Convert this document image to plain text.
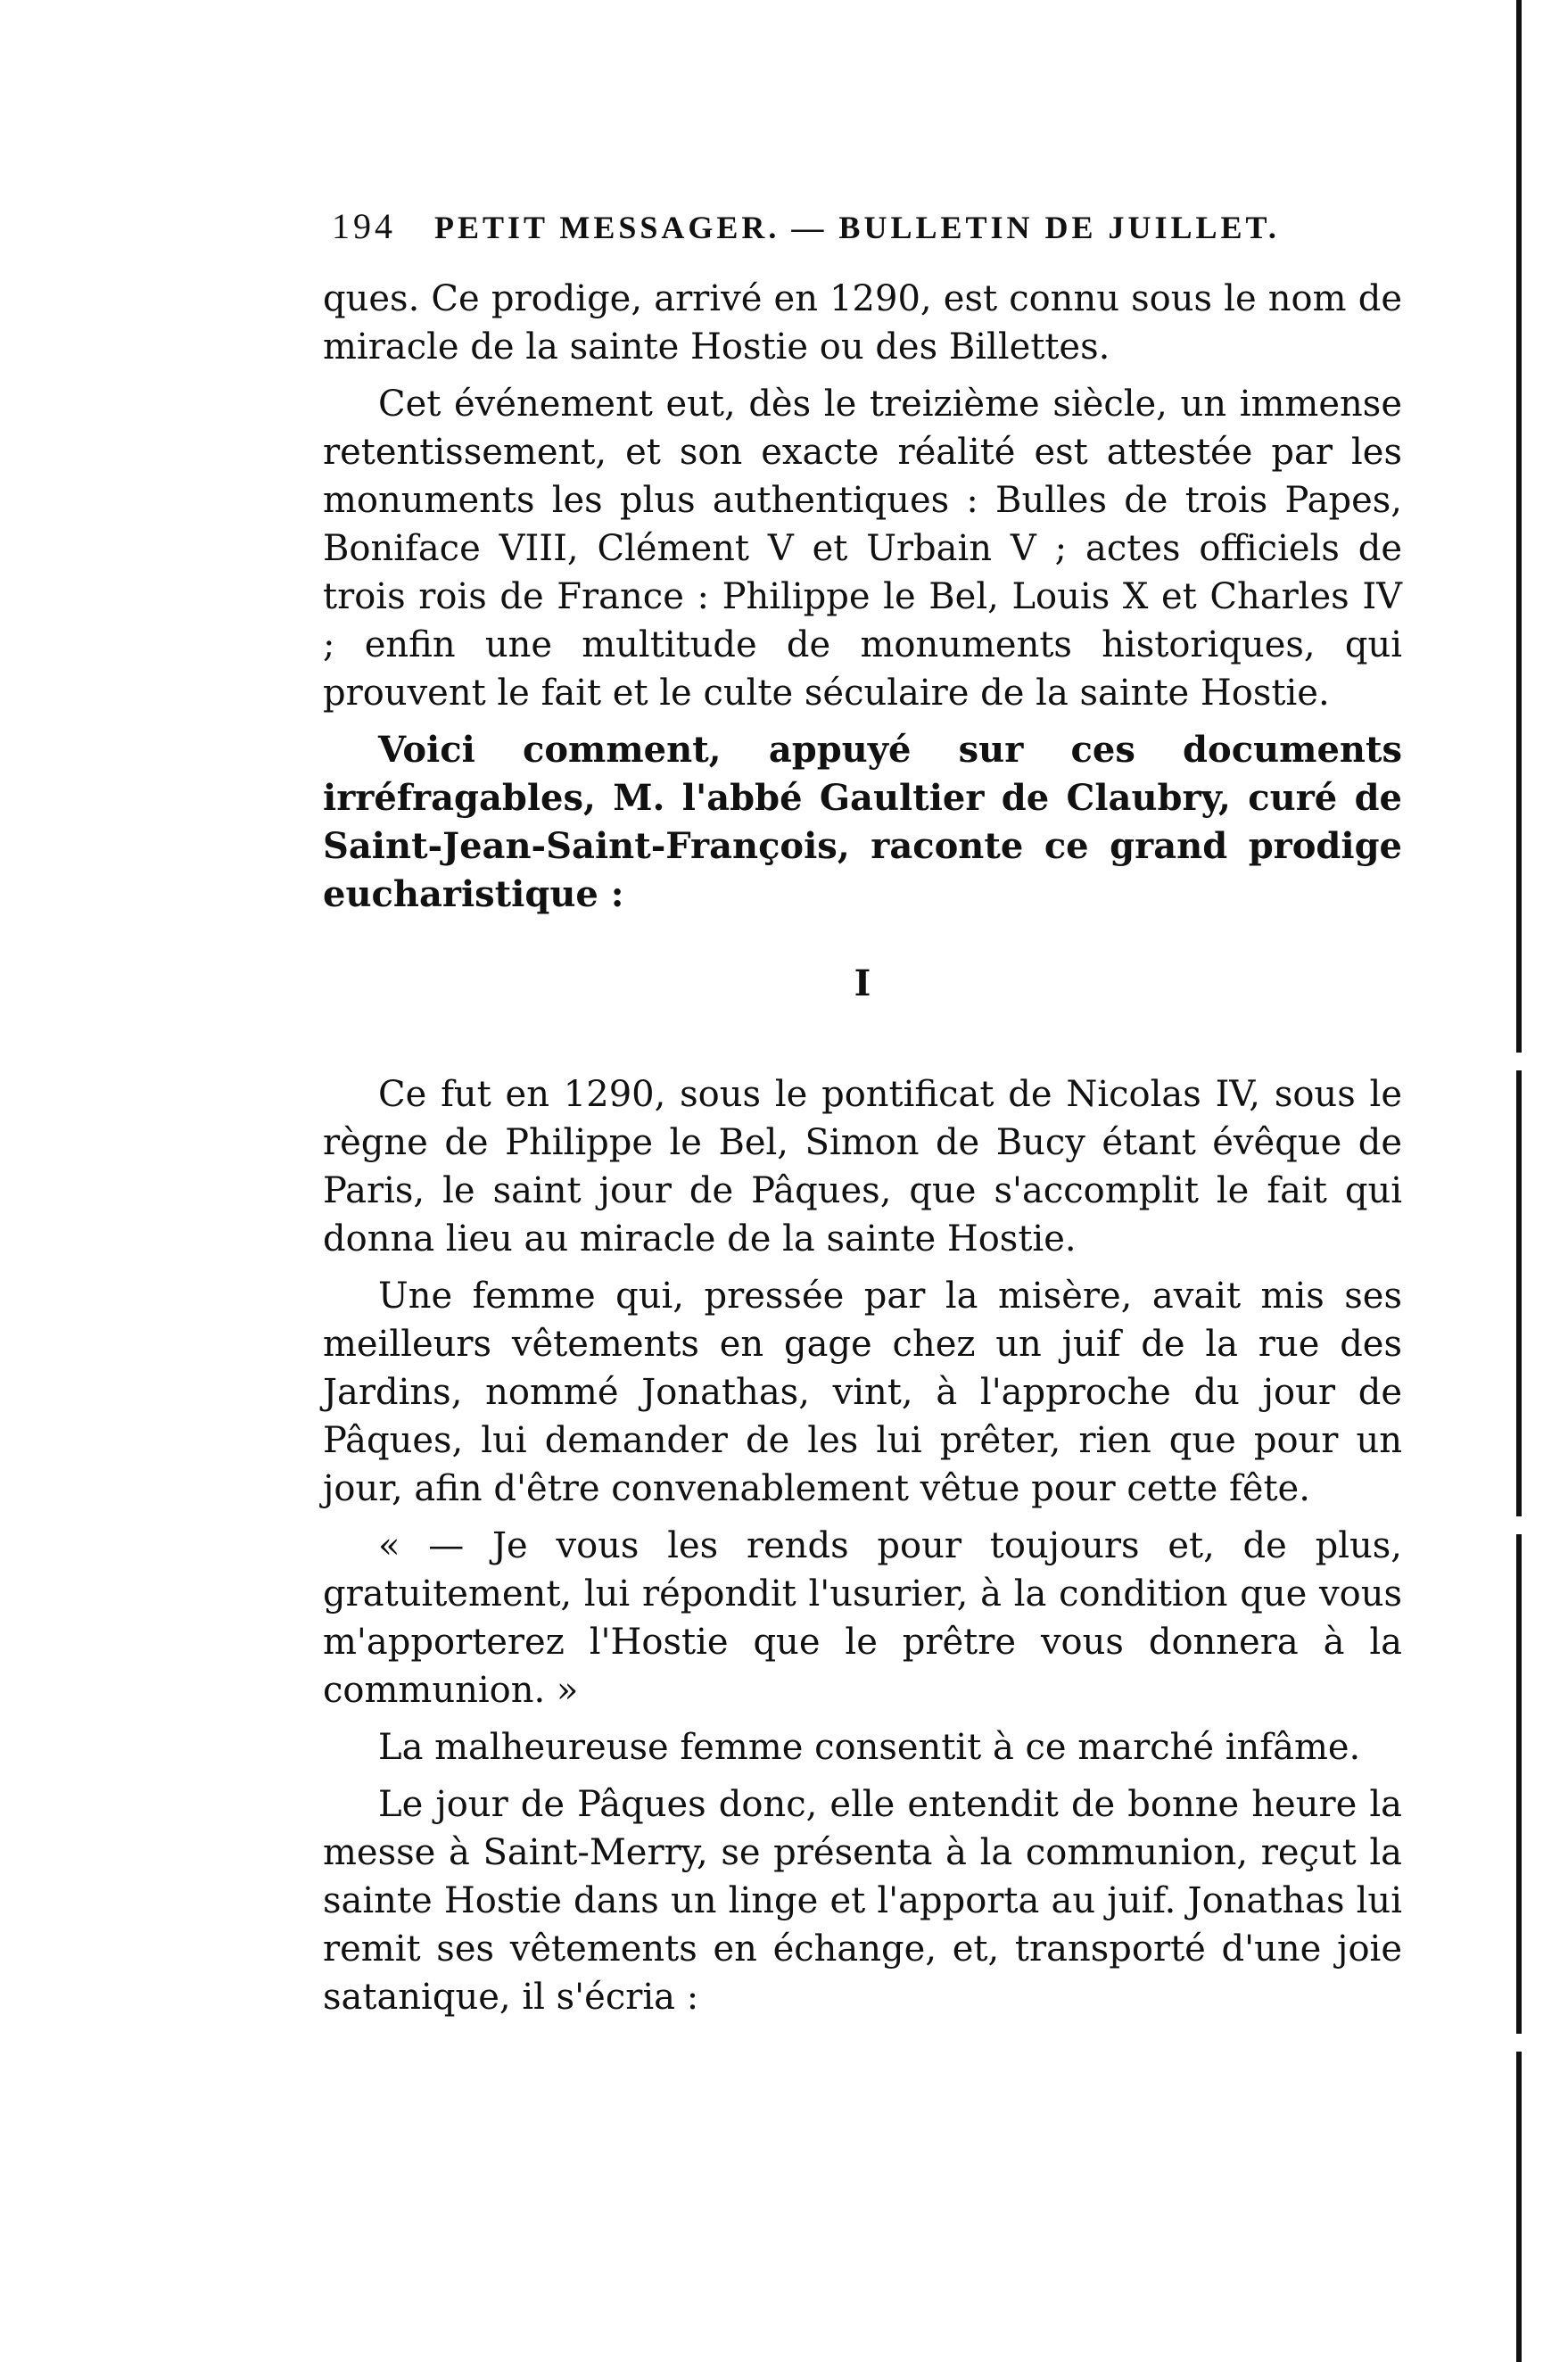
194 PETIT MESSAGER. — BULLETIN DE JUILLET.

ques. Ce prodige, arrivé en 1290, est connu sous le nom de miracle de la sainte Hostie ou des Billettes.

Cet événement eut, dès le treizième siècle, un immense retentissement, et son exacte réalité est attestée par les monuments les plus authentiques : Bulles de trois Papes, Boniface VIII, Clément V et Urbain V ; actes officiels de trois rois de France : Philippe le Bel, Louis X et Charles IV ; enfin une multitude de monuments historiques, qui prouvent le fait et le culte séculaire de la sainte Hostie.

Voici comment, appuyé sur ces documents irréfragables, M. l'abbé Gaultier de Claubry, curé de Saint-Jean-Saint-François, raconte ce grand prodige eucharistique :

I

Ce fut en 1290, sous le pontificat de Nicolas IV, sous le règne de Philippe le Bel, Simon de Bucy étant évêque de Paris, le saint jour de Pâques, que s'accomplit le fait qui donna lieu au miracle de la sainte Hostie.

Une femme qui, pressée par la misère, avait mis ses meilleurs vêtements en gage chez un juif de la rue des Jardins, nommé Jonathas, vint, à l'approche du jour de Pâques, lui demander de les lui prêter, rien que pour un jour, afin d'être convenablement vêtue pour cette fête.

« — Je vous les rends pour toujours et, de plus, gratuitement, lui répondit l'usurier, à la condition que vous m'apporterez l'Hostie que le prêtre vous donnera à la communion. »

La malheureuse femme consentit à ce marché infâme.

Le jour de Pâques donc, elle entendit de bonne heure la messe à Saint-Merry, se présenta à la communion, reçut la sainte Hostie dans un linge et l'apporta au juif. Jonathas lui remit ses vêtements en échange, et, transporté d'une joie satanique, il s'écria :
